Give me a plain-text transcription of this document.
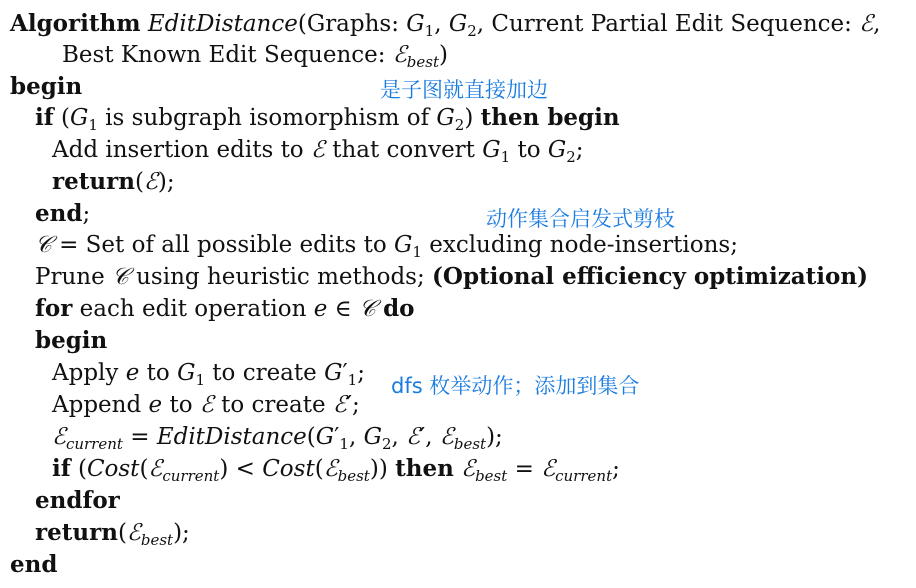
Algorithm EditDistance(Graphs: $G_1$, $G_2$, Current Partial Edit Sequence: ℰ,
Best Known Edit Sequence: ℰ$_{best}$)
begin	是子图就直接加边
if ($G_1$ is subgraph isomorphism of $G_2$) then begin
Add insertion edits to ℰ that convert $G_1$ to $G_2$;
return(ℰ);
end;	动作集合启发式剪枝
𝒞 = Set of all possible edits to $G_1$ excluding node-insertions;
Prune 𝒞 using heuristic methods; (Optional efficiency optimization)
for each edit operation e ∈ 𝒞 do
begin
Apply e to $G_1$ to create $G'_1$; dfs 枚举动作；添加到集合
Append e to ℰ to create ℰ′;
ℰ$_{current}$ = $EditDistance(G'_1$, $G_2$, ℰ′, ℰ$_{best}$);
if (Cost(ℰ$_{current}$) < Cost(ℰ$_{best}$)) then ℰ$_{best}$ = ℰ$_{current}$;
endfor
return(ℰ$_{best}$);
end
